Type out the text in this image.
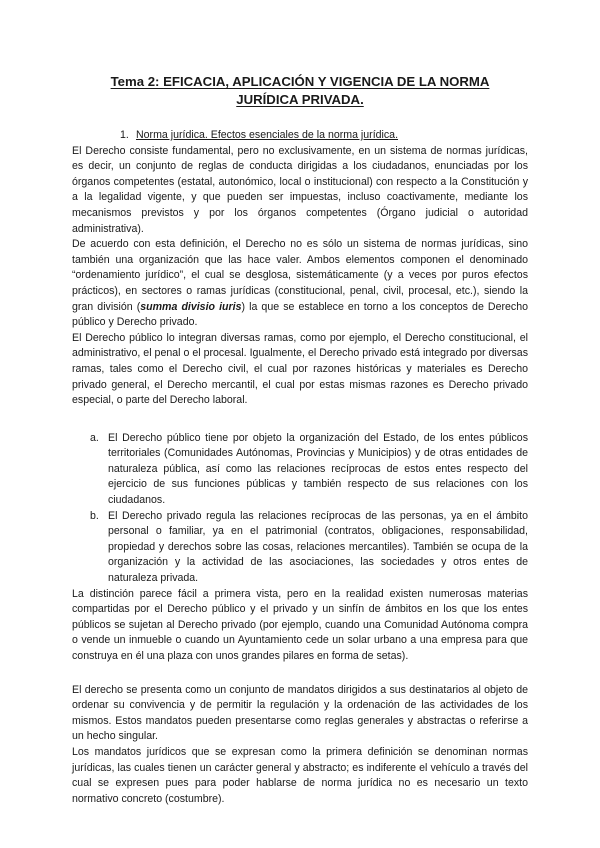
Tema 2: EFICACIA, APLICACIÓN Y VIGENCIA DE LA NORMA
JURÍDICA PRIVADA.

1. Norma jurídica. Efectos esenciales de la norma jurídica.

El Derecho consiste fundamental, pero no exclusivamente, en un sistema de normas jurídicas, es decir, un conjunto de reglas de conducta dirigidas a los ciudadanos, enunciadas por los órganos competentes (estatal, autonómico, local o institucional) con respecto a la Constitución y a la legalidad vigente, y que pueden ser impuestas, incluso coactivamente, mediante los mecanismos previstos y por los órganos competentes (Órgano judicial o autoridad administrativa).

De acuerdo con esta definición, el Derecho no es sólo un sistema de normas jurídicas, sino también una organización que las hace valer. Ambos elementos componen el denominado “ordenamiento jurídico”, el cual se desglosa, sistemáticamente (y a veces por puros efectos prácticos), en sectores o ramas jurídicas (constitucional, penal, civil, procesal, etc.), siendo la gran división (summa divisio iuris) la que se establece en torno a los conceptos de Derecho público y Derecho privado.

El Derecho público lo integran diversas ramas, como por ejemplo, el Derecho constitucional, el administrativo, el penal o el procesal. Igualmente, el Derecho privado está integrado por diversas ramas, tales como el Derecho civil, el cual por razones históricas y materiales es Derecho privado general, el Derecho mercantil, el cual por estas mismas razones es Derecho privado especial, o parte del Derecho laboral.

a. El Derecho público tiene por objeto la organización del Estado, de los entes públicos territoriales (Comunidades Autónomas, Provincias y Municipios) y de otras entidades de naturaleza pública, así como las relaciones recíprocas de estos entes respecto del ejercicio de sus funciones públicas y también respecto de sus relaciones con los ciudadanos.
b. El Derecho privado regula las relaciones recíprocas de las personas, ya en el ámbito personal o familiar, ya en el patrimonial (contratos, obligaciones, responsabilidad, propiedad y derechos sobre las cosas, relaciones mercantiles). También se ocupa de la organización y la actividad de las asociaciones, las sociedades y otros entes de naturaleza privada.

La distinción parece fácil a primera vista, pero en la realidad existen numerosas materias compartidas por el Derecho público y el privado y un sinfín de ámbitos en los que los entes públicos se sujetan al Derecho privado (por ejemplo, cuando una Comunidad Autónoma compra o vende un inmueble o cuando un Ayuntamiento cede un solar urbano a una empresa para que construya en él una plaza con unos grandes pilares en forma de setas).

El derecho se presenta como un conjunto de mandatos dirigidos a sus destinatarios al objeto de ordenar su convivencia y de permitir la regulación y la ordenación de las actividades de los mismos. Estos mandatos pueden presentarse como reglas generales y abstractas o referirse a un hecho singular.

Los mandatos jurídicos que se expresan como la primera definición se denominan normas jurídicas, las cuales tienen un carácter general y abstracto; es indiferente el vehículo a través del cual se expresen pues para poder hablarse de norma jurídica no es necesario un texto normativo concreto (costumbre).
